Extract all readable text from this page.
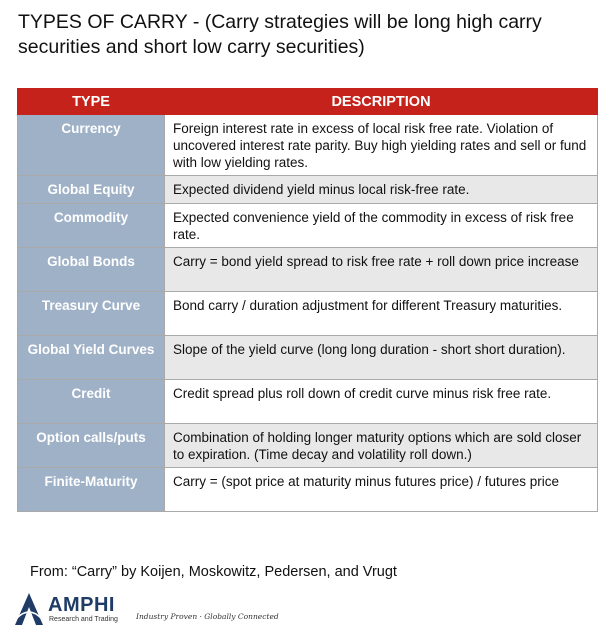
TYPES OF CARRY - (Carry strategies will be long high carry securities and short low carry securities)
TYPE	DESCRIPTION
Currency	Foreign interest rate in excess of local risk free rate. Violation of uncovered interest rate parity. Buy high yielding rates and sell or fund with low yielding rates.
Global Equity	Expected dividend yield minus local risk-free rate.
Commodity	Expected convenience yield of the commodity in excess of risk free rate.
Global Bonds	Carry = bond yield spread to risk free rate + roll down price increase
Treasury Curve	Bond carry / duration adjustment for different Treasury maturities.
Global Yield Curves	Slope of the yield curve (long long duration - short short duration).
Credit	Credit spread plus roll down of credit curve minus risk free rate.
Option calls/puts	Combination of holding longer maturity options which are sold closer to expiration. (Time decay and volatility roll down.)
Finite-Maturity	Carry = (spot price at maturity minus futures price) / futures price
From: “Carry” by Koijen, Moskowitz, Pedersen, and Vrugt
AMPHI
Research and Trading Industry Proven · Globally Connected
